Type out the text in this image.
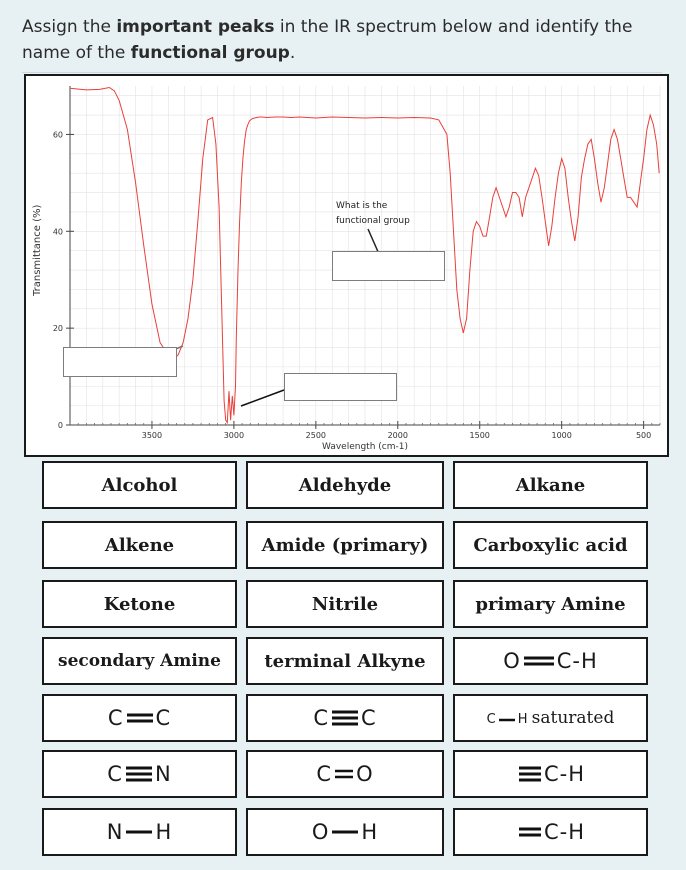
Assign the important peaks in the IR spectrum below and identify the name of the functional group.
3500	3000	2500	2000	1500	1000	500
0
20
40
60
Transmittance (%)
Wavelength (cm-1)
What is the
functional group
Alcohol	Aldehyde	Alkane
Alkene	Amide (primary)	Carboxylic acid
Ketone	Nitrile	primary Amine
secondary Amine terminal Alkyne	O C-H
C C	C C	C H saturated
C N	C O	C-H
N H	O H	C-H
